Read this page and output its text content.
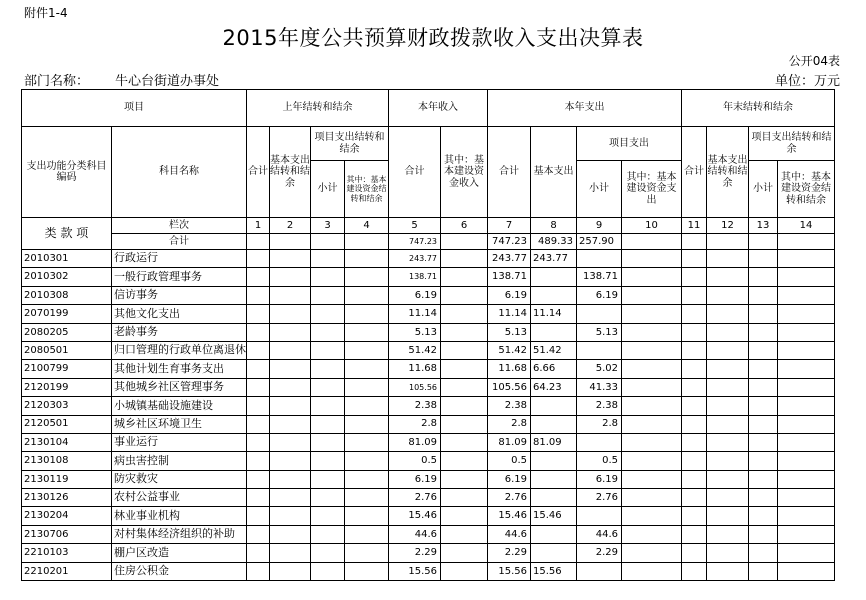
附件1-4
2015年度公共预算财政拨款收入支出决算表
公开04表
部门名称： 牛心台街道办事处	单位：万元
项目		上年结转和结余				本年收入		本年支出				年末结转和结余			
支出功能分类科目编码	科目名称	合计	基本支出结转和结余	项目支出结转和结余		合计	其中：基本建设资金收入	合计	基本支出	项目支出		合计	基本支出结转和结余	项目支出结转和结余	
				小计	其中：基本建设资金结转和结余					小计	其中：基本建设资金支出			小计	其中：基本建设资金结转和结余

类 款 项	栏次	1	2	3	4	5	6	7	8	9	10	11	12	13	14
	合计					747.23		747.23	489.33	257.90					
2010301	行政运行					243.77		243.77	243.77						
2010302	一般行政管理事务					138.71		138.71		138.71					
2010308	信访事务					6.19		6.19		6.19					
2070199	其他文化支出					11.14		11.14	11.14						
2080205	老龄事务					5.13		5.13		5.13					
2080501	归口管理的行政单位离退休					51.42		51.42	51.42						
2100799	其他计划生育事务支出					11.68		11.68	6.66	5.02					
2120199	其他城乡社区管理事务					105.56		105.56	64.23	41.33					
2120303	小城镇基础设施建设					2.38		2.38		2.38					
2120501	城乡社区环境卫生					2.8		2.8		2.8					
2130104	事业运行					81.09		81.09	81.09						
2130108	病虫害控制					0.5		0.5		0.5					
2130119	防灾救灾					6.19		6.19		6.19					
2130126	农村公益事业					2.76		2.76		2.76					
2130204	林业事业机构					15.46		15.46	15.46						
2130706	对村集体经济组织的补助					44.6		44.6		44.6					
2210103	棚户区改造					2.29		2.29		2.29					
2210201	住房公积金					15.56		15.56	15.56						
